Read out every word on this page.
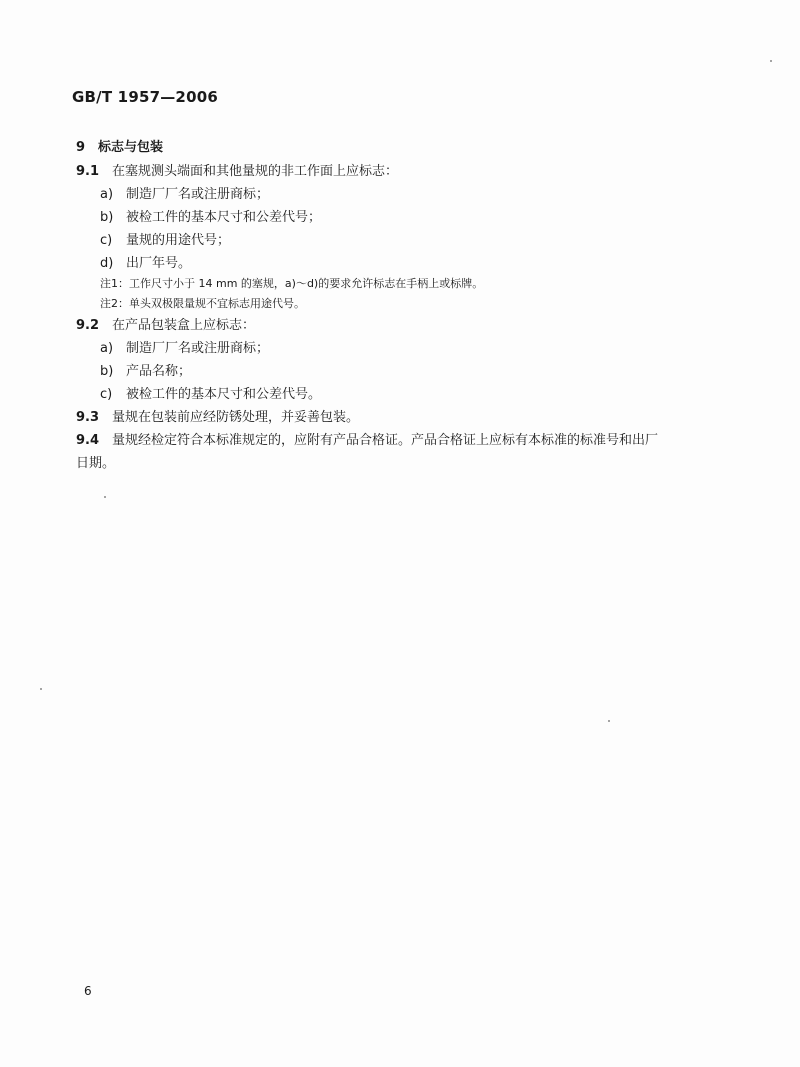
GB/T 1957—2006
9 标志与包装
9.1 在塞规测头端面和其他量规的非工作面上应标志：
a) 制造厂厂名或注册商标；
b) 被检工件的基本尺寸和公差代号；
c) 量规的用途代号；
d) 出厂年号。
注1：工作尺寸小于 14 mm 的塞规，a)～d)的要求允许标志在手柄上或标牌。
注2：单头双极限量规不宜标志用途代号。
9.2 在产品包装盒上应标志：
a) 制造厂厂名或注册商标；
b) 产品名称；
c) 被检工件的基本尺寸和公差代号。
9.3 量规在包装前应经防锈处理，并妥善包装。
9.4 量规经检定符合本标准规定的，应附有产品合格证。产品合格证上应标有本标准的标准号和出厂
日期。
6
